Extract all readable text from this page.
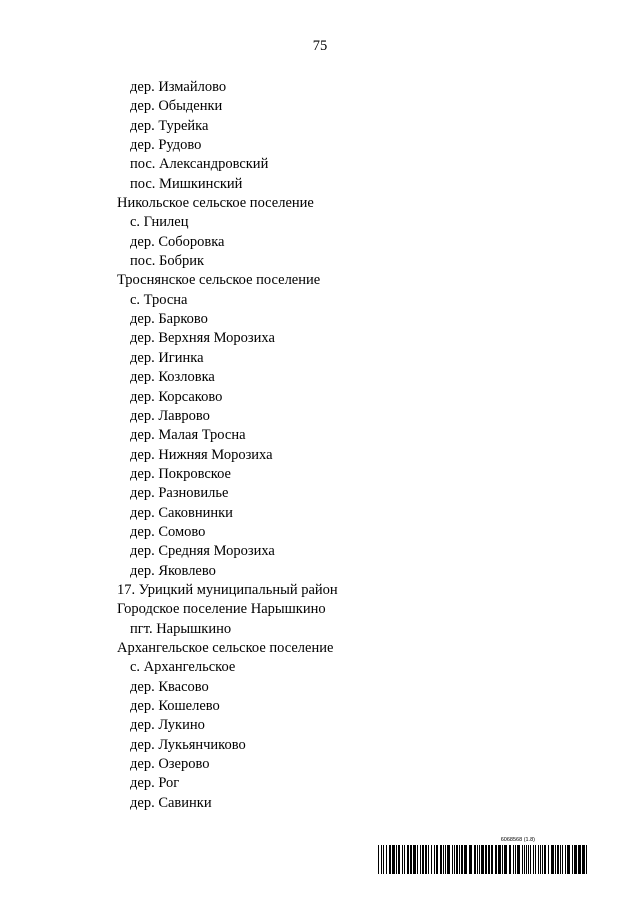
75
дер. Измайлово
дер. Обыденки
дер. Турейка
дер. Рудово
пос. Александровский
пос. Мишкинский
Никольское сельское поселение
с. Гнилец
дер. Соборовка
пос. Бобрик
Троснянское сельское поселение
с. Тросна
дер. Барково
дер. Верхняя Морозиха
дер. Игинка
дер. Козловка
дер. Корсаково
дер. Лаврово
дер. Малая Тросна
дер. Нижняя Морозиха
дер. Покровское
дер. Разновилье
дер. Саковнинки
дер. Сомово
дер. Средняя Морозиха
дер. Яковлево
17. Урицкий муниципальный район
Городское поселение Нарышкино
пгт. Нарышкино
Архангельское сельское поселение
с. Архангельское
дер. Квасово
дер. Кошелево
дер. Лукино
дер. Лукьянчиково
дер. Озерово
дер. Рог
дер. Савинки
6068568 (1.8)
